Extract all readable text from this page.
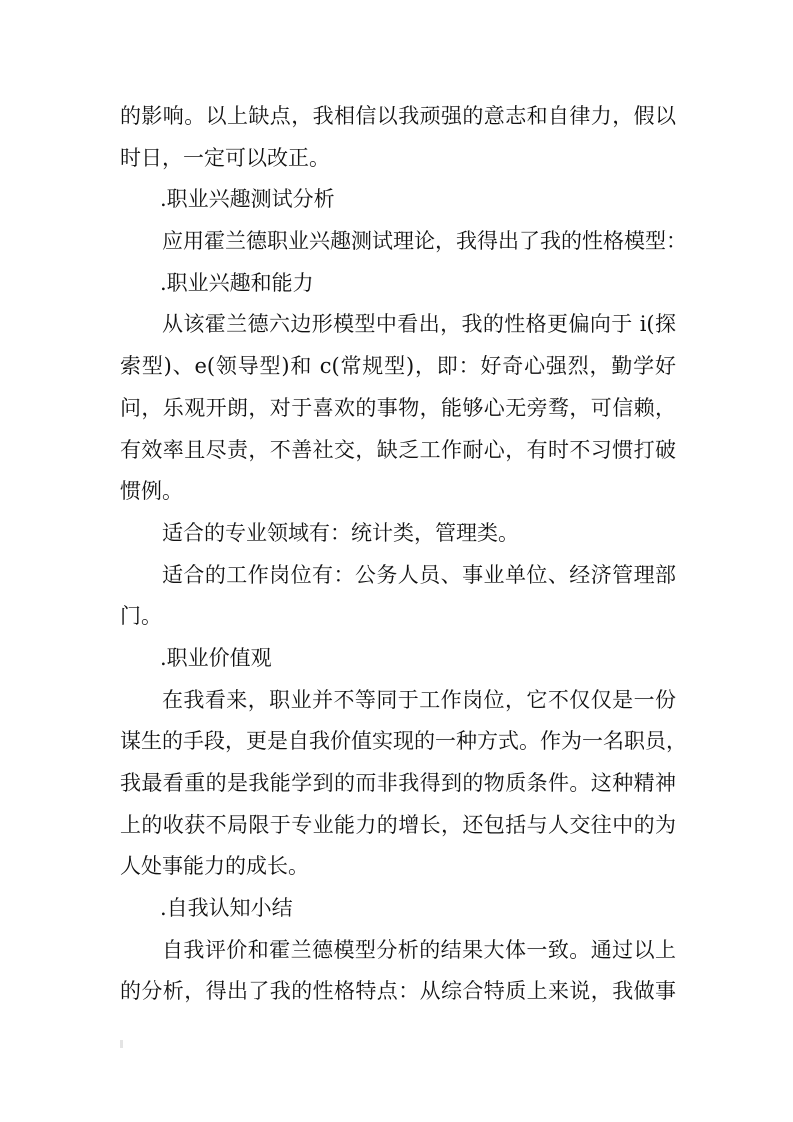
的影响。以上缺点，我相信以我顽强的意志和自律力，假以
时日，一定可以改正。
.职业兴趣测试分析
应用霍兰德职业兴趣测试理论，我得出了我的性格模型：
.职业兴趣和能力
从该霍兰德六边形模型中看出，我的性格更偏向于 i(探
索型)、e(领导型)和 c(常规型)，即：好奇心强烈，勤学好
问，乐观开朗，对于喜欢的事物，能够心无旁骛，可信赖，
有效率且尽责，不善社交，缺乏工作耐心，有时不习惯打破
惯例。
适合的专业领域有：统计类，管理类。
适合的工作岗位有：公务人员、事业单位、经济管理部
门。
.职业价值观
在我看来，职业并不等同于工作岗位，它不仅仅是一份
谋生的手段，更是自我价值实现的一种方式。作为一名职员，
我最看重的是我能学到的而非我得到的物质条件。这种精神
上的收获不局限于专业能力的增长，还包括与人交往中的为
人处事能力的成长。
.自我认知小结
自我评价和霍兰德模型分析的结果大体一致。通过以上
的分析，得出了我的性格特点：从综合特质上来说，我做事
